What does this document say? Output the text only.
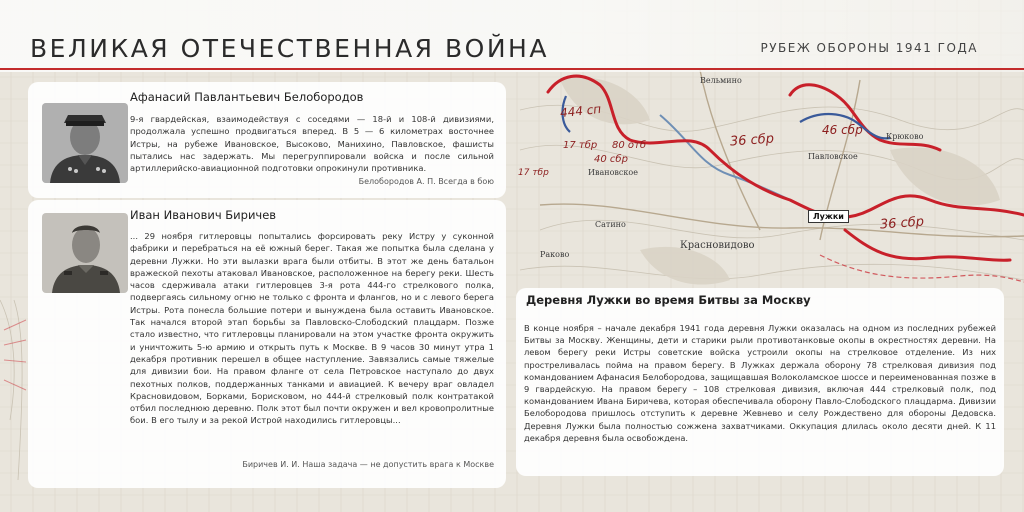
Красновидово
Ивановское
Павловское
Сатино
Раково
Вельмино
Крюково
444 сп
17 тбр 80 отб
40 сбр
36 сбр
36 сбр
46 сбр
17 тбр
Лужки
ВЕЛИКАЯ ОТЕЧЕСТВЕННАЯ ВОЙНА	РУБЕЖ ОБОРОНЫ 1941 ГОДА
Афанасий Павлантьевич Белобородов

9-я гвардейская, взаимодействуя с соседями — 18-й и 108-й дивизиями, продолжала успешно продвигаться вперед. В 5 — 6 километрах восточнее Истры, на рубеже Ивановское, Высоково, Манихино, Павловское, фашисты пытались нас задержать. Мы перегруппировали войска и после сильной артиллерийско-авиационной подготовки опрокинули противника.

Белобородов А. П. Всегда в бою
Иван Иванович Биричев

... 29 ноября гитлеровцы попытались форсировать реку Истру у суконной фабрики и перебраться на её южный берег. Такая же попытка была сделана у деревни Лужки. Но эти вылазки врага были отбиты. В этот же день батальон вражеской пехоты атаковал Ивановское, расположенное на берегу реки. Шесть часов сдерживала атаки гитлеровцев 3-я рота 444-го стрелкового полка, подвергаясь сильному огню не только с фронта и флангов, но и с левого берега Истры. Рота понесла большие потери и вынуждена была оставить Ивановское. Так начался второй этап борьбы за Павловско-Слободский плацдарм. Позже стало известно, что гитлеровцы планировали на этом участке фронта окружить и уничтожить 5-ю армию и открыть путь к Москве. В 9 часов 30 минут утра 1 декабря противник перешел в общее наступление. Завязались самые тяжелые для дивизии бои. На правом фланге от села Петровское наступало до двух пехотных полков, поддержанных танками и авиацией. К вечеру враг овладел Красновидовом, Борками, Борисковом, но 444-й стрелковый полк контратакой отбил последнюю деревню. Полк этот был почти окружен и вел кровопролитные бои. В его тылу и за рекой Истрой находились гитлеровцы...

Биричев И. И. Наша задача — не допустить врага к Москве
Деревня Лужки во время Битвы за Москву

В конце ноября – начале декабря 1941 года деревня Лужки оказалась на одном из последних рубежей Битвы за Москву. Женщины, дети и старики рыли противотанковые окопы в окрестностях деревни. На левом берегу реки Истры советские войска устроили окопы на стрелковое отделение. Из них простреливалась пойма на правом берегу. В Лужках держала оборону 78 стрелковая дивизия под командованием Афанасия Белобородова, защищавшая Волоколамское шоссе и переименованная позже в 9 гвардейскую. На правом берегу – 108 стрелковая дивизия, включая 444 стрелковый полк, под командованием Ивана Биричева, которая обеспечивала оборону Павло-Слободского плацдарма. Дивизии Белобородова пришлось отступить к деревне Жевнево и селу Рождествено для обороны Дедовска. Деревня Лужки была полностью сожжена захватчиками. Оккупация длилась около десяти дней. К 11 декабря деревня была освобождена.
